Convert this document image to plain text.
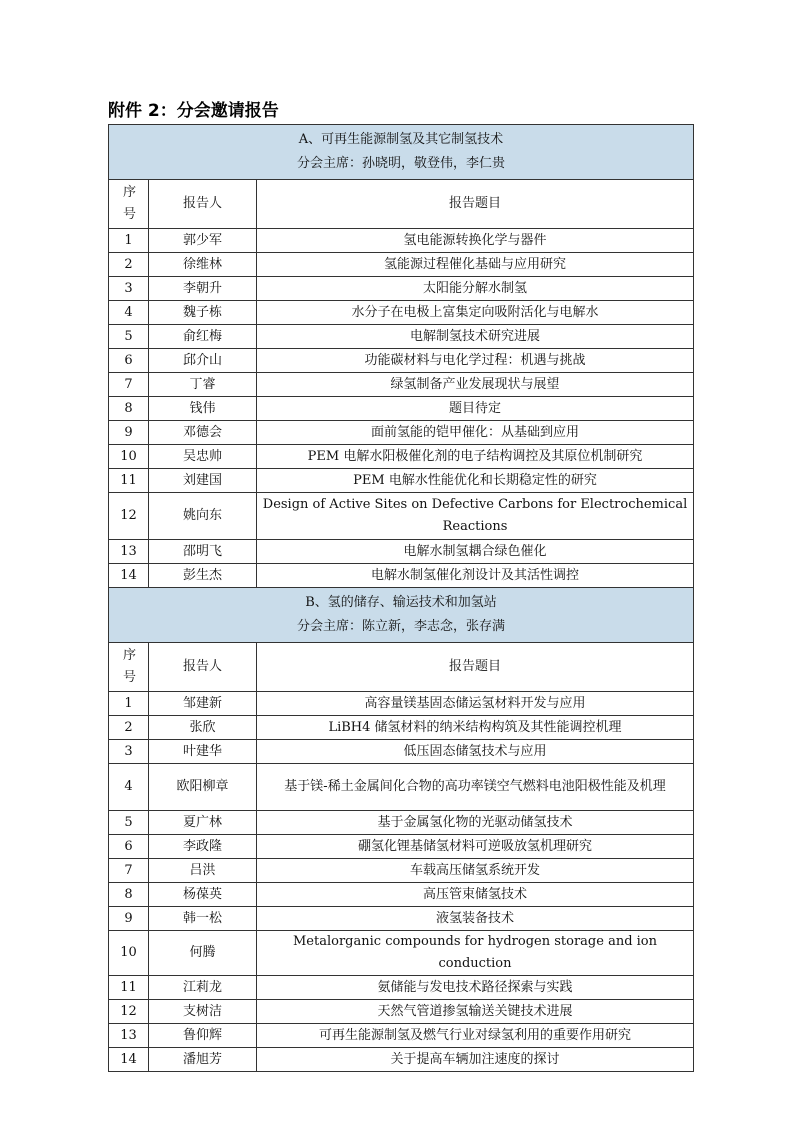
附件 2：分会邀请报告
A、可再生能源制氢及其它制氢技术
分会主席：孙晓明，敬登伟，李仁贵		

序
号	报告人	报告题目
1	郭少军	氢电能源转换化学与器件
2	徐维林	氢能源过程催化基础与应用研究
3	李朝升	太阳能分解水制氢
4	魏子栋	水分子在电极上富集定向吸附活化与电解水
5	俞红梅	电解制氢技术研究进展
6	邱介山	功能碳材料与电化学过程：机遇与挑战
7	丁睿	绿氢制备产业发展现状与展望
8	钱伟	题目待定
9	邓德会	面前氢能的铠甲催化：从基础到应用
10	吴忠帅	PEM 电解水阳极催化剂的电子结构调控及其原位机制研究
11	刘建国	PEM 电解水性能优化和长期稳定性的研究
12	姚向东	Design of Active Sites on Defective Carbons for Electrochemical Reactions
13	邵明飞	电解水制氢耦合绿色催化
14	彭生杰	电解水制氢催化剂设计及其活性调控

B、氢的储存、输运技术和加氢站
分会主席：陈立新，李志念，张存满		

序
号	报告人	报告题目
1	邹建新	高容量镁基固态储运氢材料开发与应用
2	张欣	LiBH4 储氢材料的纳米结构构筑及其性能调控机理
3	叶建华	低压固态储氢技术与应用
4	欧阳柳章	基于镁-稀土金属间化合物的高功率镁空气燃料电池阳极性能及机理
5	夏广林	基于金属氢化物的光驱动储氢技术
6	李政隆	硼氢化锂基储氢材料可逆吸放氢机理研究
7	吕洪	车载高压储氢系统开发
8	杨葆英	高压管束储氢技术
9	韩一松	液氢装备技术
10	何腾	Metalorganic compounds for hydrogen storage and ion conduction
11	江莉龙	氨储能与发电技术路径探索与实践
12	支树洁	天然气管道掺氢输送关键技术进展
13	鲁仰辉	可再生能源制氢及燃气行业对绿氢利用的重要作用研究
14	潘旭芳	关于提高车辆加注速度的探讨
